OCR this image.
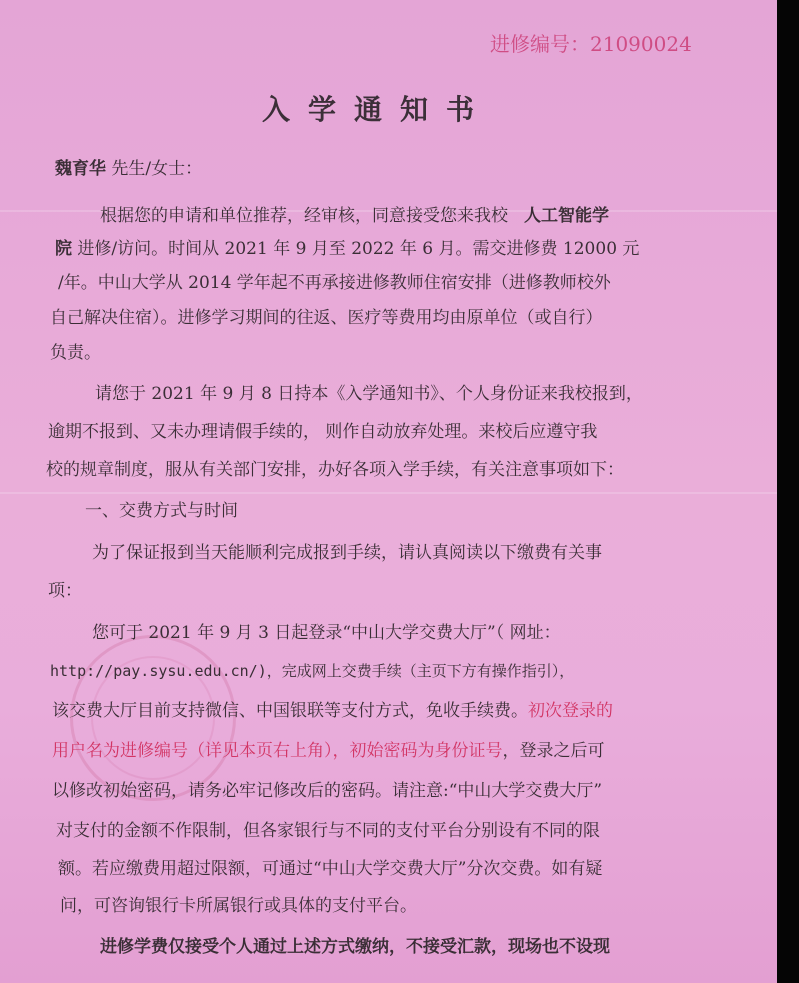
进修编号：21090024
入学通知书
魏育华 先生/女士：
根据您的申请和单位推荐，经审核，同意接受您来我校 人工智能学
院 进修/访问。时间从 2021 年 9 月至 2022 年 6 月。需交进修费 12000 元
/年。中山大学从 2014 学年起不再承接进修教师住宿安排（进修教师校外
自己解决住宿）。进修学习期间的往返、医疗等费用均由原单位（或自行）
负责。
请您于 2021 年 9 月 8 日持本《入学通知书》、个人身份证来我校报到，
逾期不报到、又未办理请假手续的， 则作自动放弃处理。来校后应遵守我
校的规章制度，服从有关部门安排，办好各项入学手续，有关注意事项如下：
一、交费方式与时间
为了保证报到当天能顺利完成报到手续，请认真阅读以下缴费有关事
项：
您可于 2021 年 9 月 3 日起登录“中山大学交费大厅”（ 网址：
http://pay.sysu.edu.cn/)，完成网上交费手续（主页下方有操作指引），
该交费大厅目前支持微信、中国银联等支付方式，免收手续费。初次登录的
用户名为进修编号（详见本页右上角），初始密码为身份证号，登录之后可
以修改初始密码，请务必牢记修改后的密码。请注意:“中山大学交费大厅”
对支付的金额不作限制，但各家银行与不同的支付平台分别设有不同的限
额。若应缴费用超过限额，可通过“中山大学交费大厅”分次交费。如有疑
问，可咨询银行卡所属银行或具体的支付平台。
进修学费仅接受个人通过上述方式缴纳，不接受汇款，现场也不设现
